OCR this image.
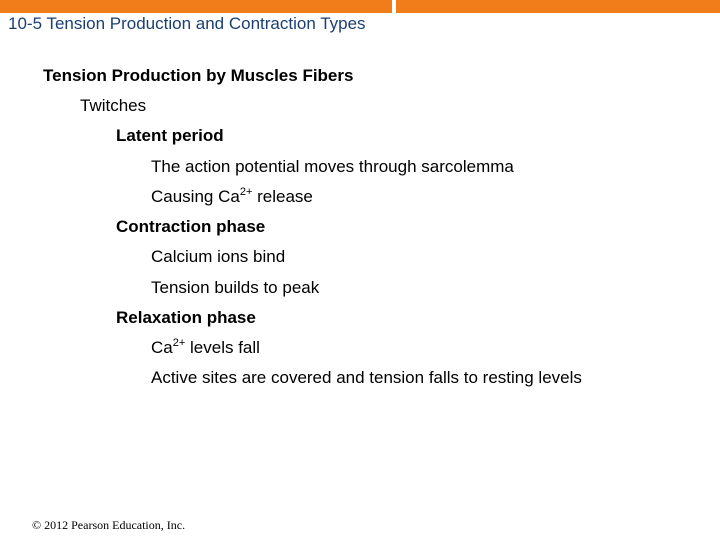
10-5 Tension Production and Contraction Types
Tension Production by Muscles Fibers
Twitches
Latent period
The action potential moves through sarcolemma
Causing $Ca^{2+}$ release
Contraction phase
Calcium ions bind
Tension builds to peak
Relaxation phase
$Ca^{2+}$ levels fall
Active sites are covered and tension falls to resting levels
© 2012 Pearson Education, Inc.
